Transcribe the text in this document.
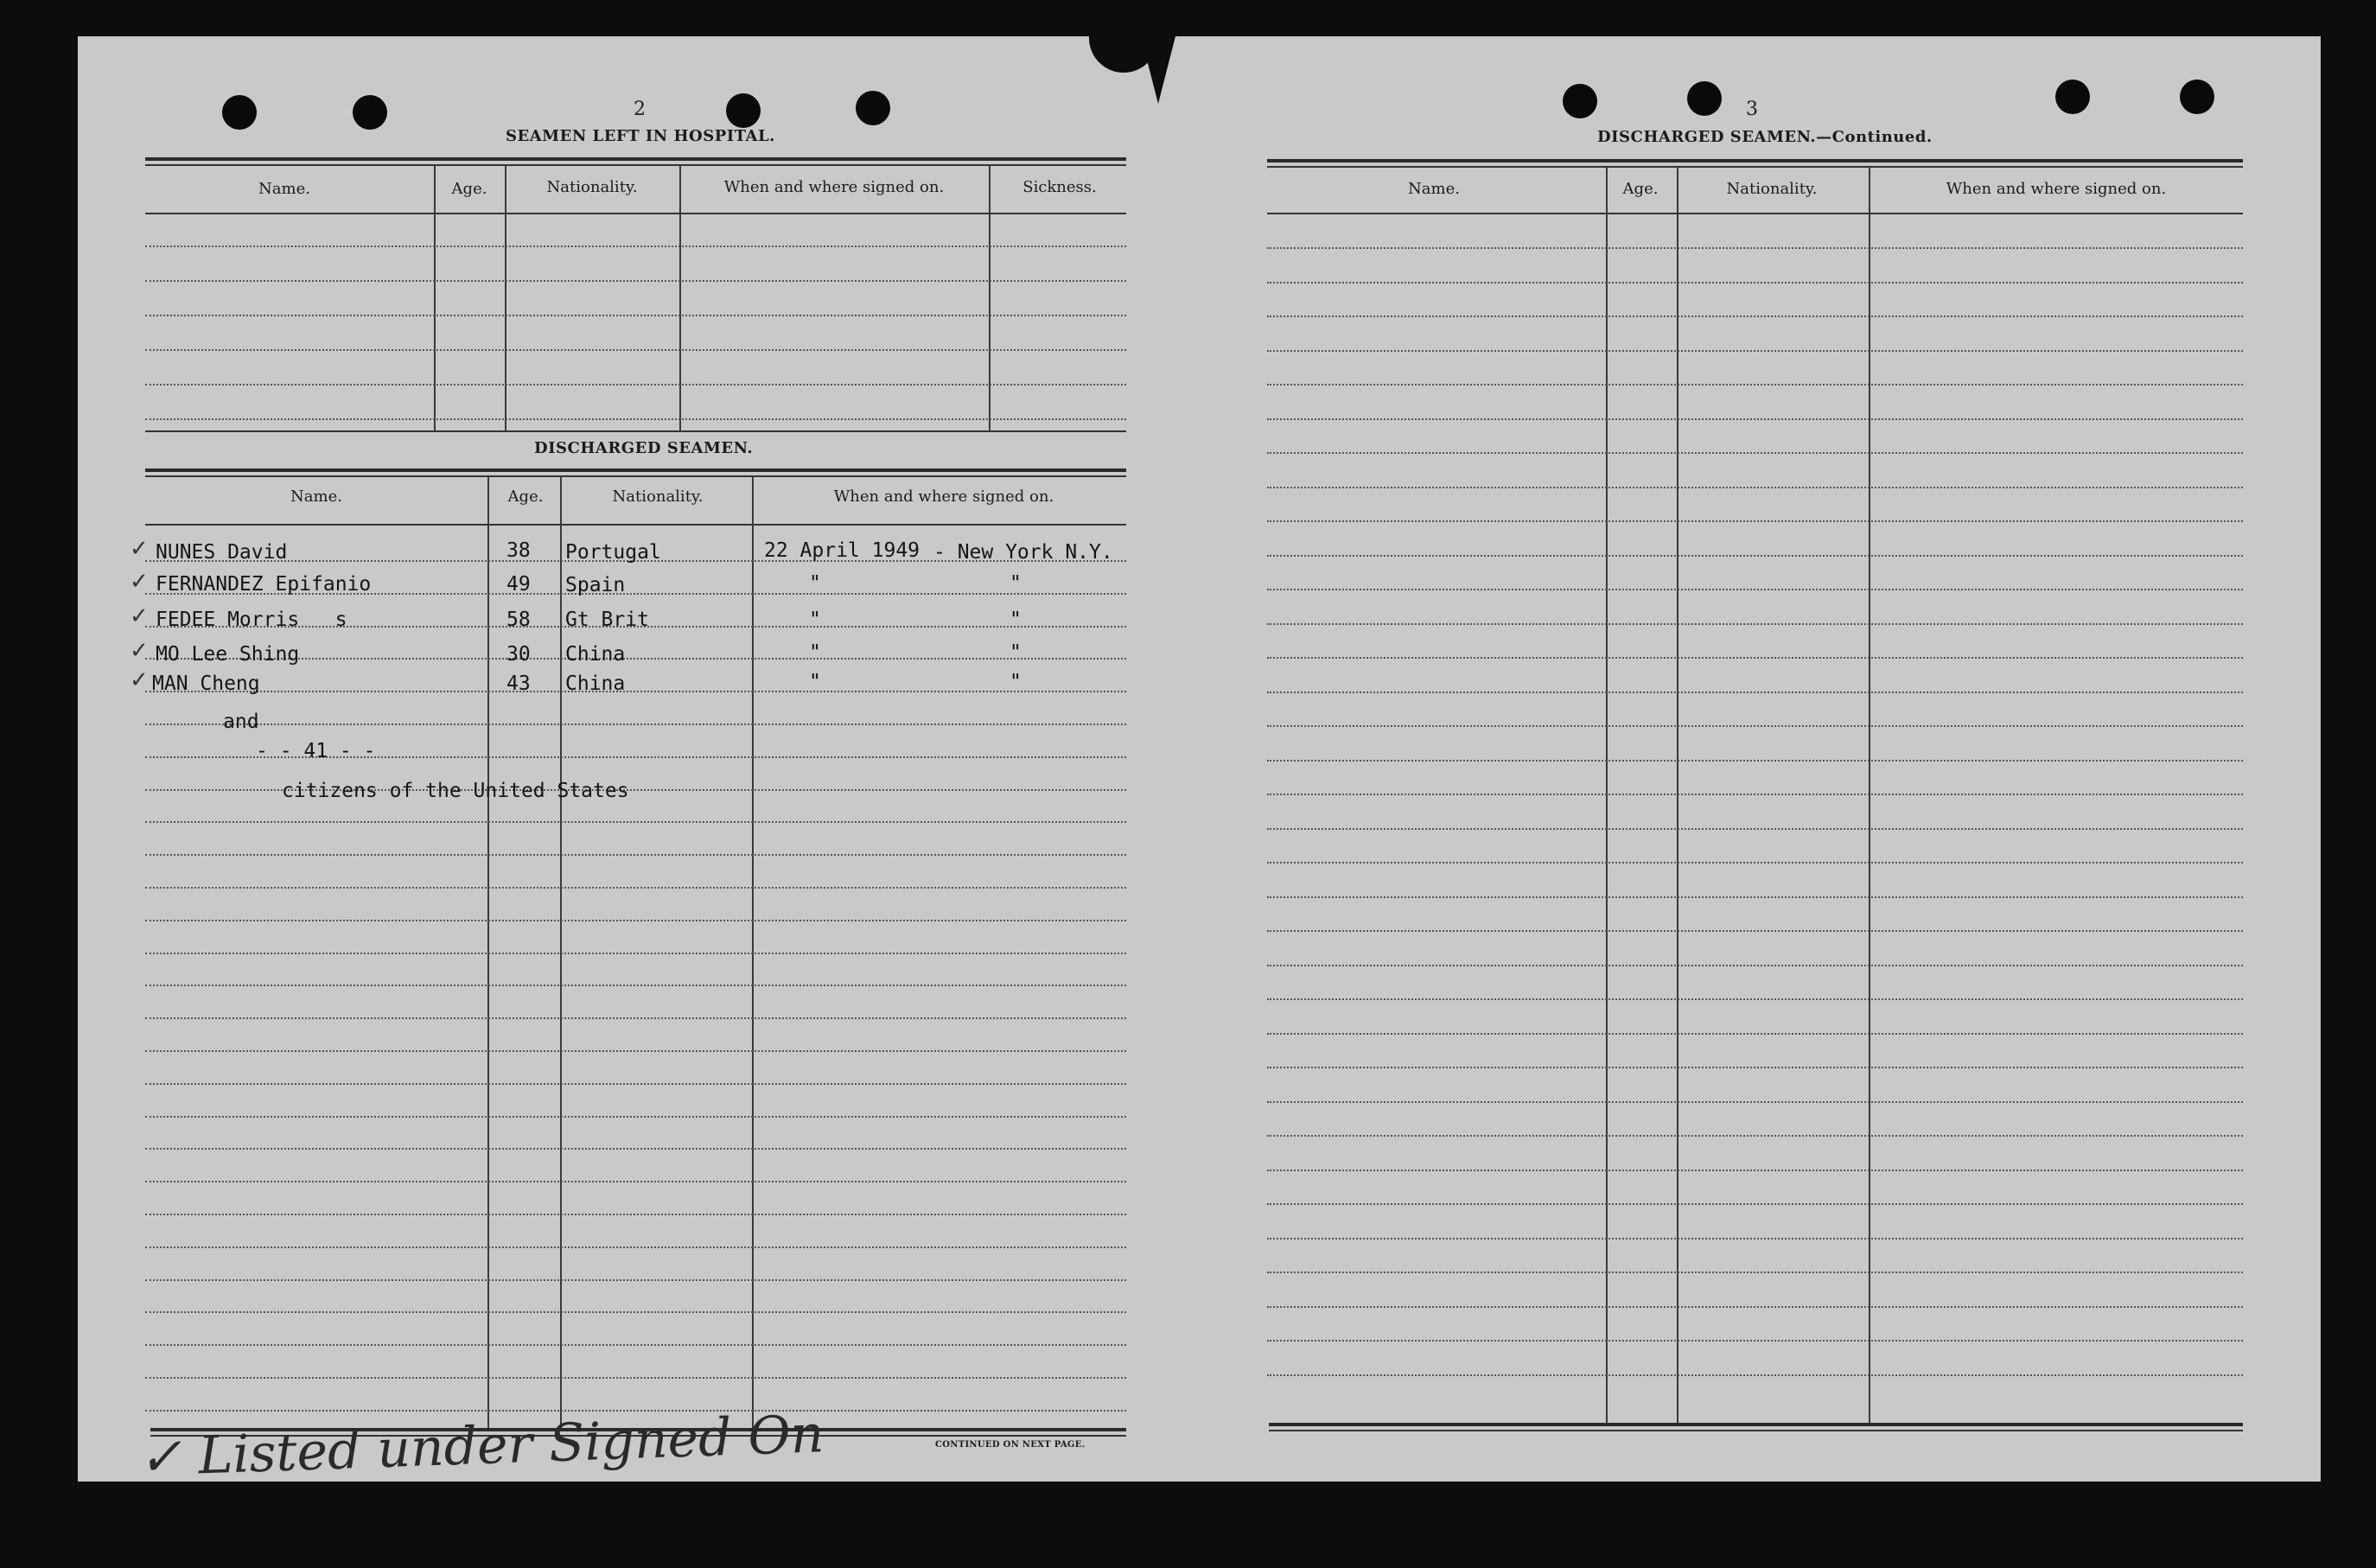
2
SEAMEN LEFT IN HOSPITAL.
Name.	Age.	Nationality.	When and where signed on.	Sickness.
DISCHARGED SEAMEN.
Name.	Age.	Nationality.	When and where signed on.
✓ NUNES David	38 Portugal	22 April 1949 - New York N.Y.
✓ FERNANDEZ Epifanio	49 Spain	"	"
✓ FEDEE Morris   s	58 Gt Brit	"	"
✓ MO Lee Shing	30 China	"	"
✓ MAN Cheng	43 China	"	"
and
- - 41 - -
citizens of the United States
CONTINUED ON NEXT PAGE.
✓ Listed under Signed On
3
DISCHARGED SEAMEN.—Continued.
Name.	Age.	Nationality.	When and where signed on.
